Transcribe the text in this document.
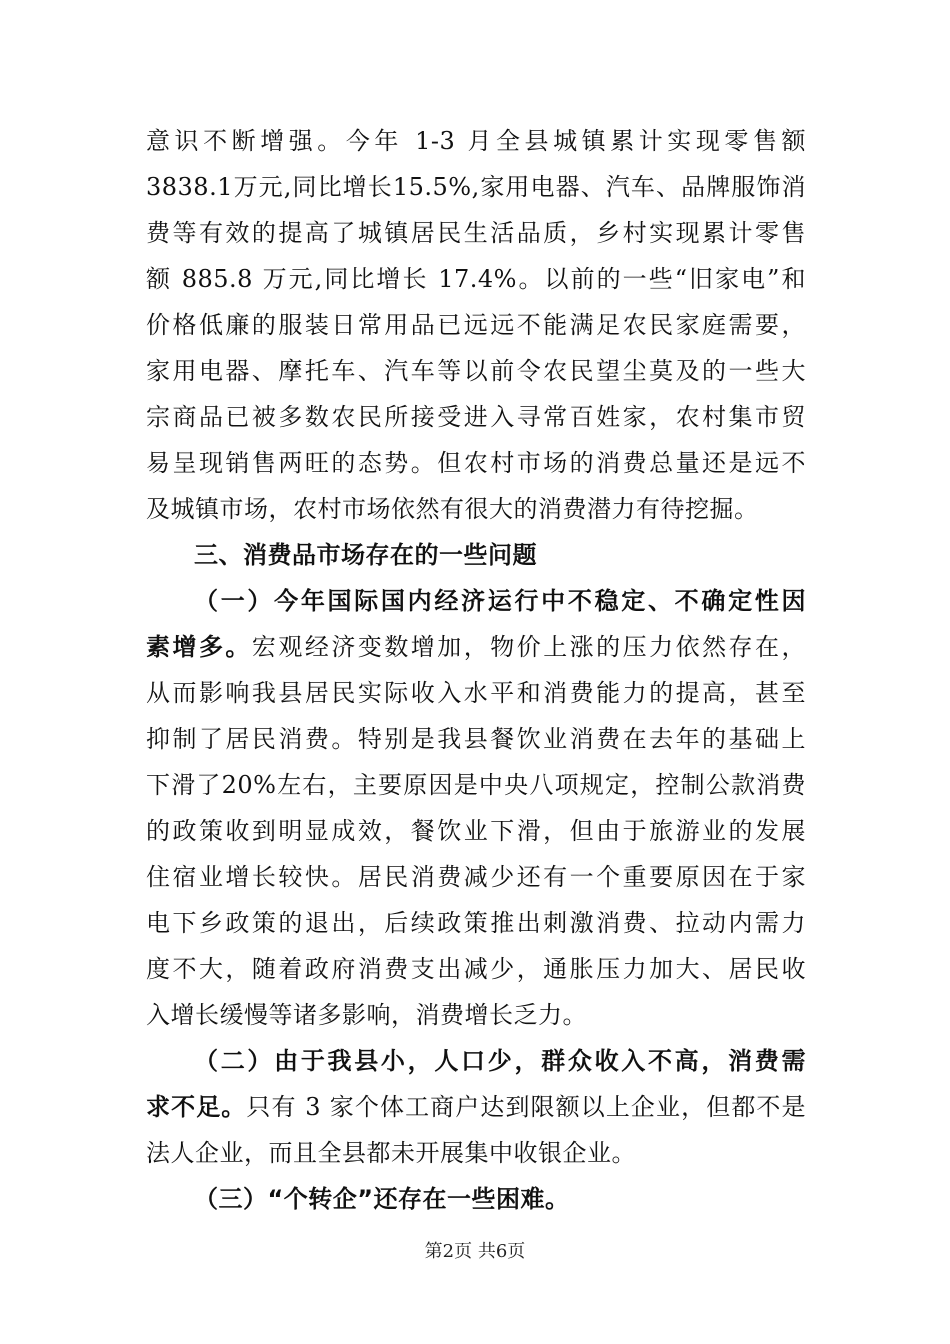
意识不断增强。今年 1-3 月全县城镇累计实现零售额
3838.1万元,同比增长15.5%,家用电器、汽车、品牌服饰消
费等有效的提高了城镇居民生活品质，乡村实现累计零售
额 885.8 万元,同比增长 17.4%。以前的一些“旧家电”和
价格低廉的服装日常用品已远远不能满足农民家庭需要，
家用电器、摩托车、汽车等以前令农民望尘莫及的一些大
宗商品已被多数农民所接受进入寻常百姓家，农村集市贸
易呈现销售两旺的态势。但农村市场的消费总量还是远不
及城镇市场，农村市场依然有很大的消费潜力有待挖掘。
三、消费品市场存在的一些问题
（一）今年国际国内经济运行中不稳定、不确定性因
素增多。宏观经济变数增加，物价上涨的压力依然存在，
从而影响我县居民实际收入水平和消费能力的提高，甚至
抑制了居民消费。特别是我县餐饮业消费在去年的基础上
下滑了20%左右，主要原因是中央八项规定，控制公款消费
的政策收到明显成效，餐饮业下滑，但由于旅游业的发展
住宿业增长较快。居民消费减少还有一个重要原因在于家
电下乡政策的退出，后续政策推出刺激消费、拉动内需力
度不大，随着政府消费支出减少，通胀压力加大、居民收
入增长缓慢等诸多影响，消费增长乏力。
（二）由于我县小，人口少，群众收入不高，消费需
求不足。只有 3 家个体工商户达到限额以上企业，但都不是
法人企业，而且全县都未开展集中收银企业。
（三）“个转企”还存在一些困难。
第2页 共6页
